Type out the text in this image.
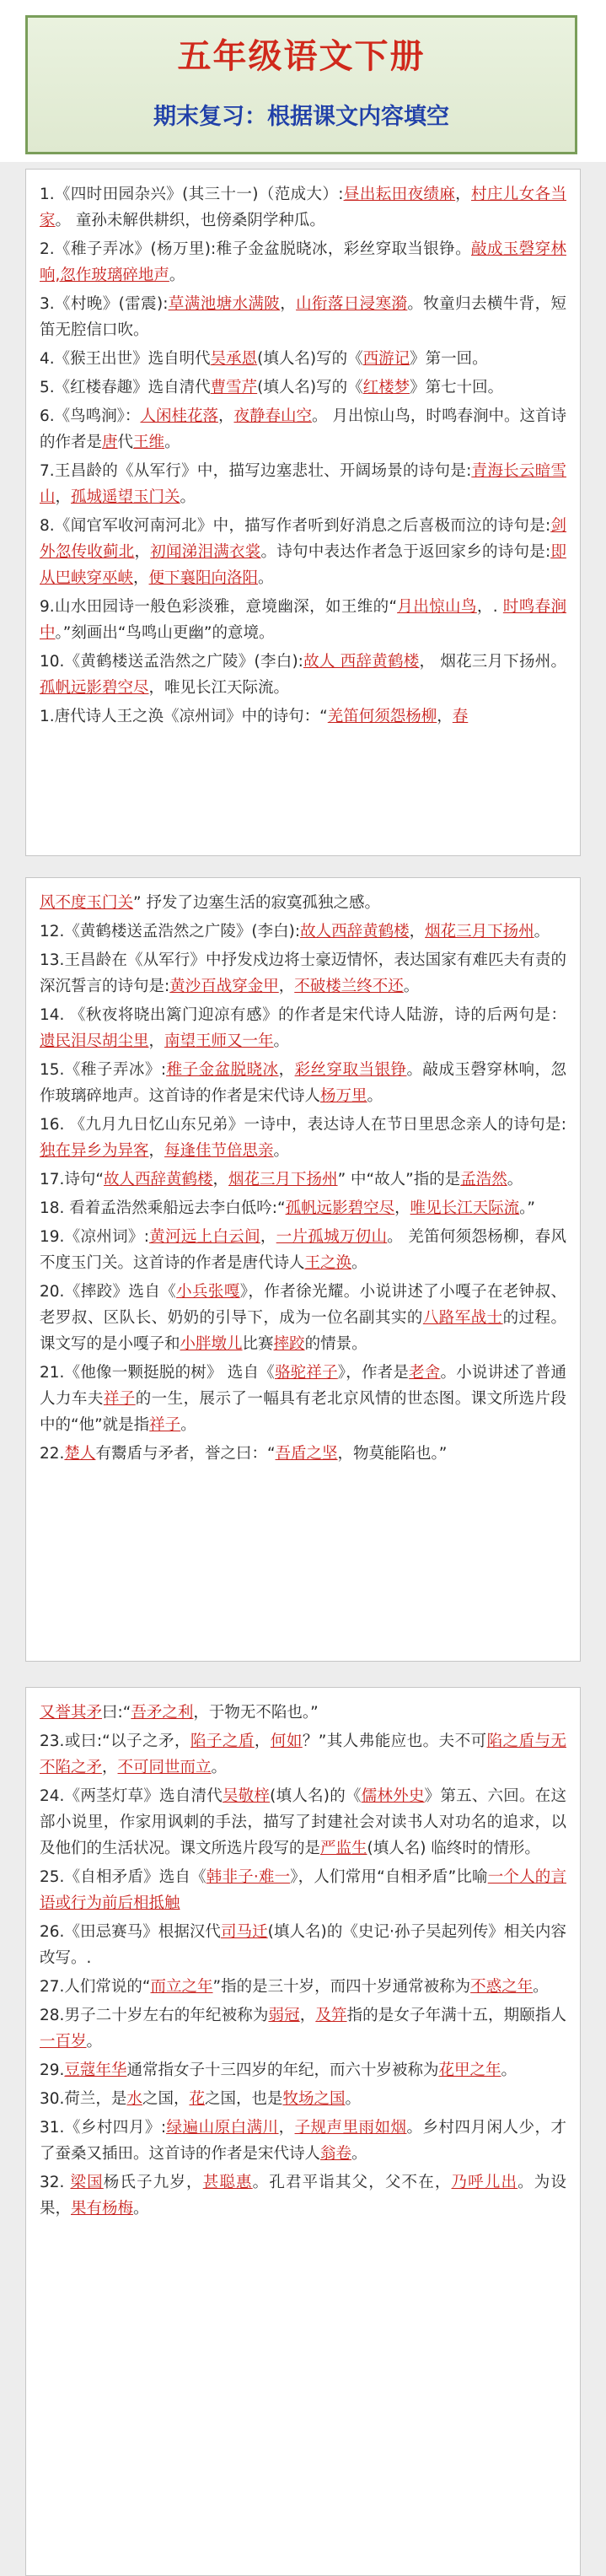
五年级语文下册
期末复习：根据课文内容填空

1.《四时田园杂兴》(其三十一)（范成大）:昼出耘田夜绩麻，村庄儿女各当家。 童孙未解供耕织，也傍桑阴学种瓜。

2.《稚子弄冰》(杨万里):稚子金盆脱晓冰，彩丝穿取当银铮。敲成玉磬穿林响,忽作玻璃碎地声。

3.《村晚》(雷震):草满池塘水满陂，山衔落日浸寒漪。牧童归去横牛背，短笛无腔信口吹。

4.《猴王出世》选自明代吴承恩(填人名)写的《西游记》第一回。

5.《红楼春趣》选自清代曹雪芹(填人名)写的《红楼梦》第七十回。

6.《鸟鸣涧》：人闲桂花落，夜静春山空。 月出惊山鸟，时鸣春涧中。这首诗的作者是唐代王维。

7.王昌龄的《从军行》中，描写边塞悲壮、开阔场景的诗句是:青海长云暗雪山，孤城遥望玉门关。

8.《闻官军收河南河北》中，描写作者听到好消息之后喜极而泣的诗句是:剑外忽传收蓟北，初闻涕泪满衣裳。诗句中表达作者急于返回家乡的诗句是:即从巴峡穿巫峡，便下襄阳向洛阳。

9.山水田园诗一般色彩淡雅，意境幽深，如王维的“月出惊山鸟，. 时鸣春涧中。”刻画出“鸟鸣山更幽”的意境。

10.《黄鹤楼送孟浩然之广陵》(李白):故人 西辞黄鹤楼， 烟花三月下扬州。孤帆远影碧空尽，唯见长江天际流。

1.唐代诗人王之涣《凉州词》中的诗句：“羌笛何须怨杨柳，春

风不度玉门关” 抒发了边塞生活的寂寞孤独之感。

12.《黄鹤楼送孟浩然之广陵》(李白):故人西辞黄鹤楼，烟花三月下扬州。

13.王昌龄在《从军行》中抒发戍边将士豪迈情怀，表达国家有难匹夫有责的深沉誓言的诗句是:黄沙百战穿金甲，不破楼兰终不还。

14. 《秋夜将晓出篱门迎凉有感》的作者是宋代诗人陆游，诗的后两句是：遗民泪尽胡尘里，南望王师又一年。

15.《稚子弄冰》:稚子金盆脱晓冰，彩丝穿取当银铮。敲成玉磬穿林响，忽作玻璃碎地声。这首诗的作者是宋代诗人杨万里。

16. 《九月九日忆山东兄弟》一诗中，表达诗人在节日里思念亲人的诗句是:独在异乡为异客，每逢佳节倍思亲。

17.诗句“故人西辞黄鹤楼，烟花三月下扬州” 中“故人”指的是孟浩然。

18. 看着孟浩然乘船远去李白低吟:“孤帆远影碧空尽，唯见长江天际流。”

19.《凉州词》:黄河远上白云间，一片孤城万仞山。 羌笛何须怨杨柳，春风不度玉门关。这首诗的作者是唐代诗人王之涣。

20.《摔跤》选自《小兵张嘎》，作者徐光耀。小说讲述了小嘎子在老钟叔、老罗叔、区队长、奶奶的引导下，成为一位名副其实的八路军战士的过程。课文写的是小嘎子和小胖墩儿比赛摔跤的情景。

21.《他像一颗挺脱的树》 选自《骆驼祥子》，作者是老舍。小说讲述了普通人力车夫祥子的一生，展示了一幅具有老北京风情的世态图。课文所选片段中的“他”就是指祥子。

22.楚人有鬻盾与矛者，誉之曰：“吾盾之坚，物莫能陷也。”

又誉其矛曰:“吾矛之利，于物无不陷也。”

23.或曰:“以子之矛，陷子之盾，何如？”其人弗能应也。夫不可陷之盾与无不陷之矛，不可同世而立。

24.《两茎灯草》选自清代吴敬梓(填人名)的《儒林外史》第五、六回。在这部小说里，作家用讽刺的手法，描写了封建社会对读书人对功名的追求，以及他们的生活状况。课文所选片段写的是严监生(填人名) 临终时的情形。

25.《自相矛盾》选自《韩非子·难一》，人们常用“自相矛盾”比喻一个人的言语或行为前后相抵触

26.《田忌赛马》根据汉代司马迁(填人名)的《史记·孙子吴起列传》相关内容改写。.

27.人们常说的“而立之年”指的是三十岁，而四十岁通常被称为不惑之年。

28.男子二十岁左右的年纪被称为弱冠，及笄指的是女子年满十五，期颐指人一百岁。

29.豆蔻年华通常指女子十三四岁的年纪，而六十岁被称为花甲之年。

30.荷兰，是水之国，花之国，也是牧场之国。

31.《乡村四月》:绿遍山原白满川，子规声里雨如烟。乡村四月闲人少，才了蚕桑又插田。这首诗的作者是宋代诗人翁卷。

32. 梁国杨氏子九岁，甚聪惠。孔君平诣其父，父不在，乃呼儿出。为设果，果有杨梅。
